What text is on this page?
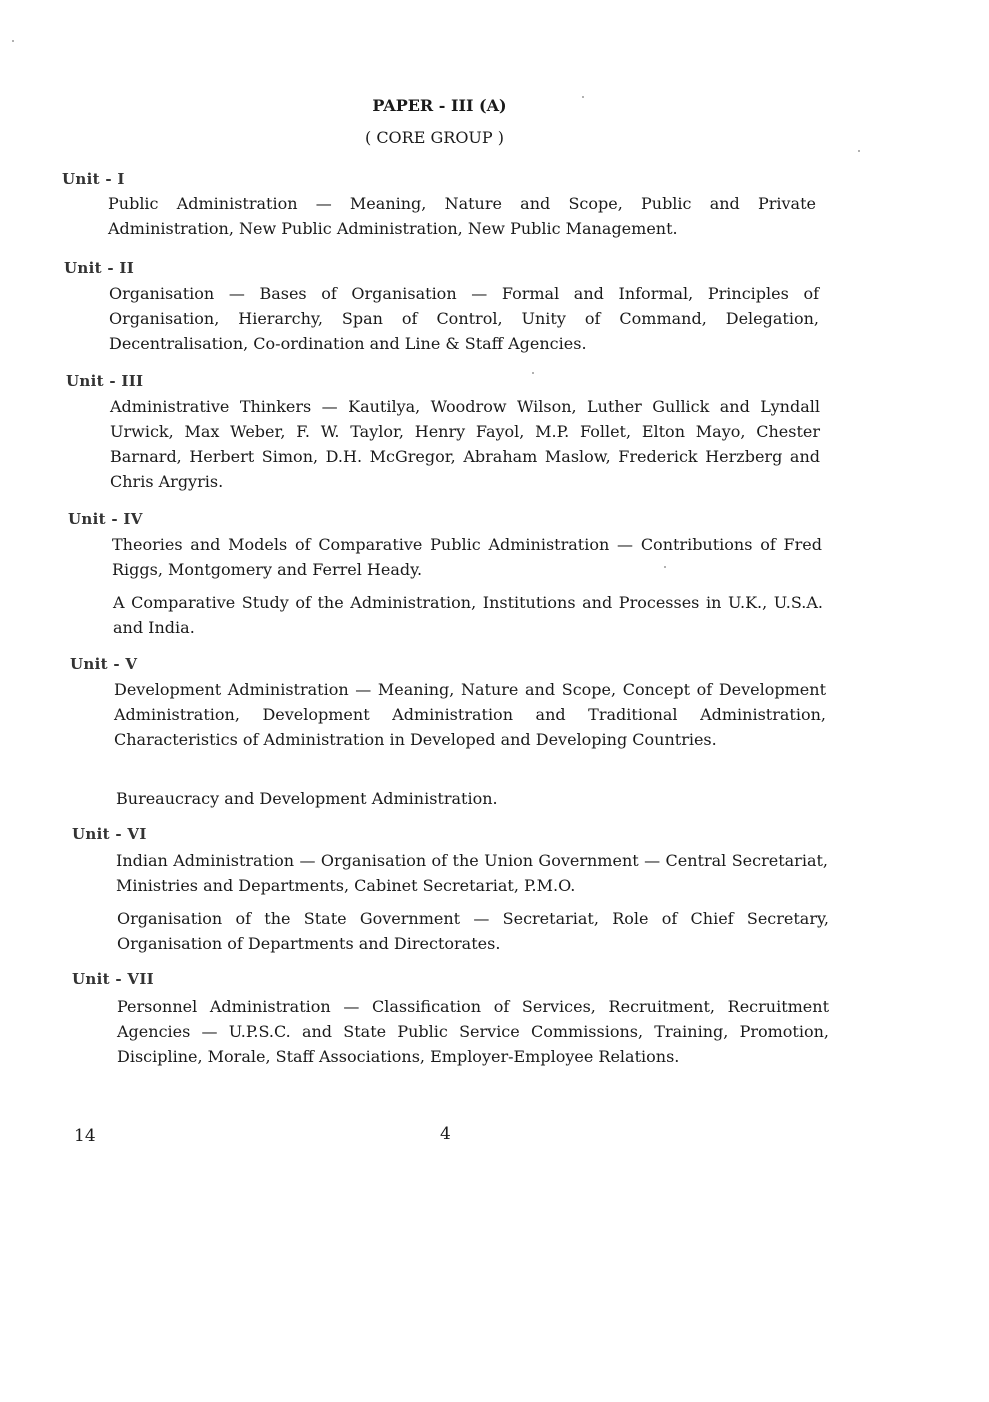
PAPER - III (A)
( CORE GROUP )
Unit - I
Public Administration — Meaning, Nature and Scope, Public and Private Administration, New Public Administration, New Public Management.
Unit - II
Organisation — Bases of Organisation — Formal and Informal, Principles of Organisation, Hierarchy, Span of Control, Unity of Command, Delegation, Decentralisation, Co-ordination and Line & Staff Agencies.
Unit - III
Administrative Thinkers — Kautilya, Woodrow Wilson, Luther Gullick and Lyndall Urwick, Max Weber, F. W. Taylor, Henry Fayol, M.P. Follet, Elton Mayo, Chester Barnard, Herbert Simon, D.H. McGregor, Abraham Maslow, Frederick Herzberg and Chris Argyris.
Unit - IV
Theories and Models of Comparative Public Administration — Contributions of Fred Riggs, Montgomery and Ferrel Heady.
A Comparative Study of the Administration, Institutions and Processes in U.K., U.S.A. and India.
Unit - V
Development Administration — Meaning, Nature and Scope, Concept of Development Administration, Development Administration and Traditional Administration, Characteristics of Administration in Developed and Developing Countries.
Bureaucracy and Development Administration.
Unit - VI
Indian Administration — Organisation of the Union Government — Central Secretariat, Ministries and Departments, Cabinet Secretariat, P.M.O.
Organisation of the State Government — Secretariat, Role of Chief Secretary, Organisation of Departments and Directorates.
Unit - VII
Personnel Administration — Classification of Services, Recruitment, Recruitment Agencies — U.P.S.C. and State Public Service Commissions, Training, Promotion, Discipline, Morale, Staff Associations, Employer-Employee Relations.
14	4
